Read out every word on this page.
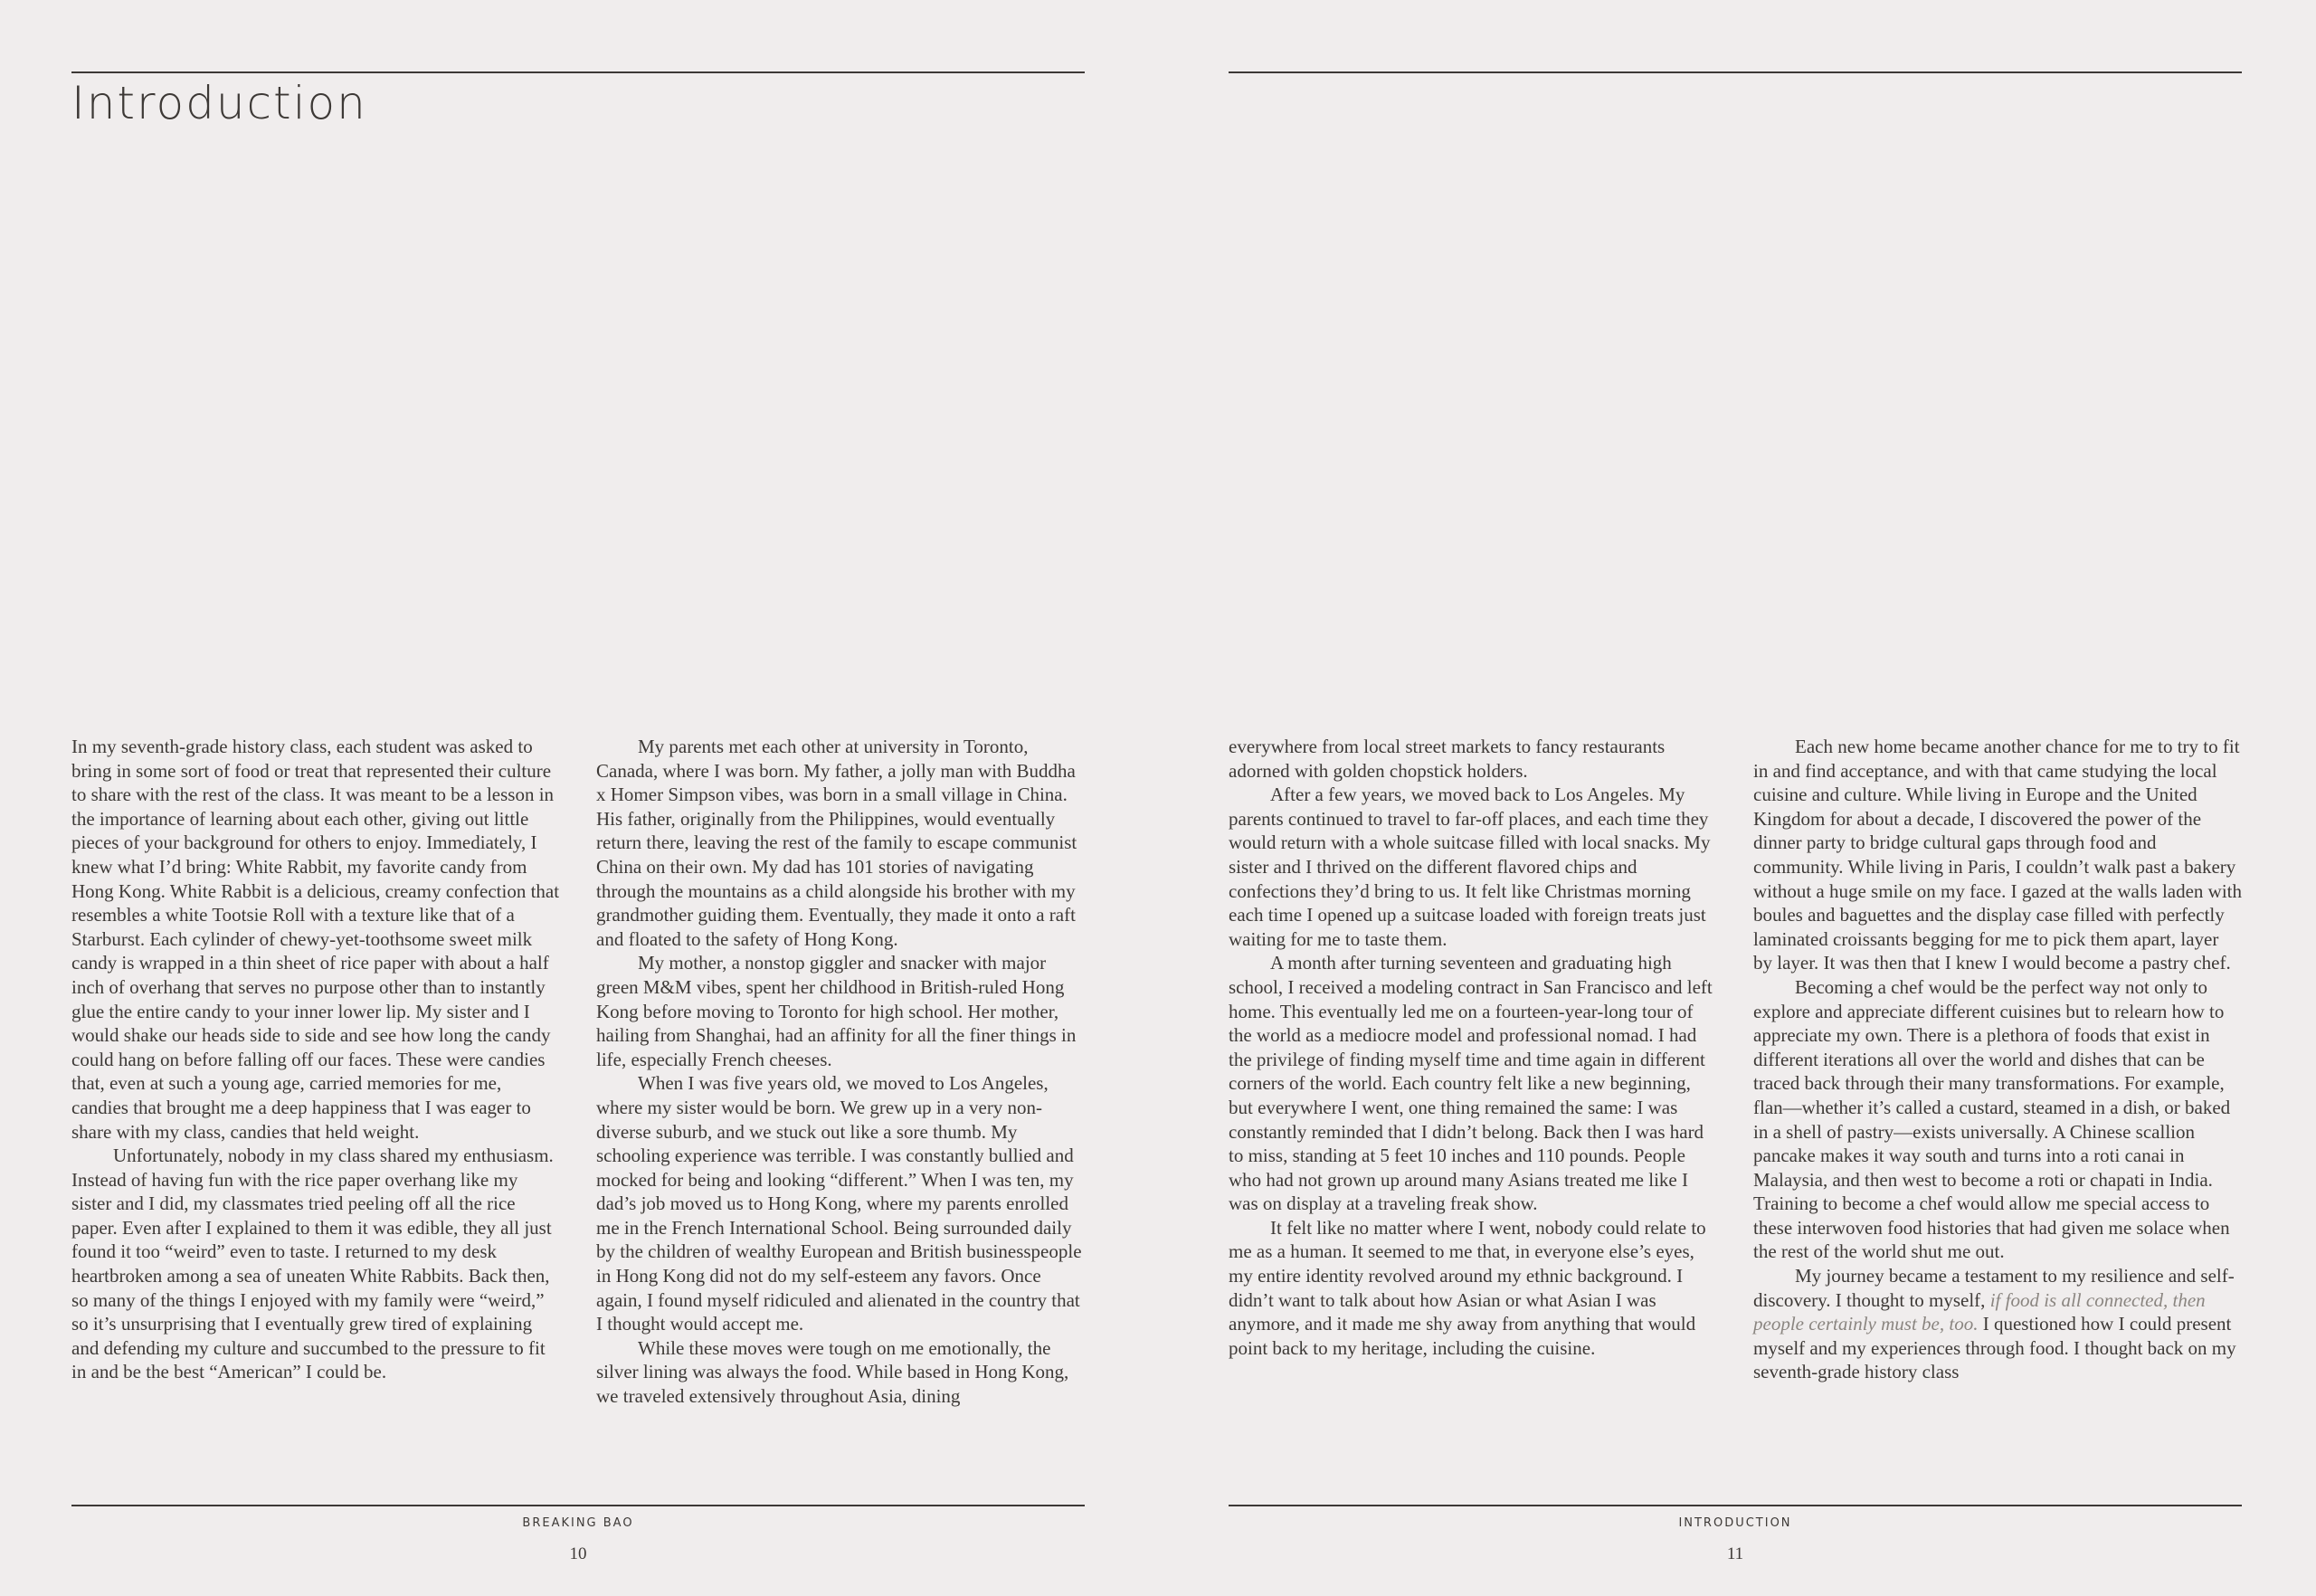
Introduction

In my seventh-grade history class, each student was asked to bring in some sort of food or treat that represented their culture to share with the rest of the class. It was meant to be a lesson in the importance of learning about each other, giving out little pieces of your background for others to enjoy. Immediately, I knew what I’d bring: White Rabbit, my favorite candy from Hong Kong. White Rabbit is a delicious, creamy confection that resembles a white Tootsie Roll with a texture like that of a Starburst. Each cylinder of chewy-yet-toothsome sweet milk candy is wrapped in a thin sheet of rice paper with about a half inch of overhang that serves no purpose other than to instantly glue the entire candy to your inner lower lip. My sister and I would shake our heads side to side and see how long the candy could hang on before falling off our faces. These were candies that, even at such a young age, carried memories for me, candies that brought me a deep happiness that I was eager to share with my class, candies that held weight.

Unfortunately, nobody in my class shared my enthusiasm. Instead of having fun with the rice paper overhang like my sister and I did, my classmates tried peeling off all the rice paper. Even after I explained to them it was edible, they all just found it too “weird” even to taste. I returned to my desk heartbroken among a sea of uneaten White Rabbits. Back then, so many of the things I enjoyed with my family were “weird,” so it’s unsurprising that I eventually grew tired of explaining and defending my culture and succumbed to the pressure to fit in and be the best “American” I could be.

My parents met each other at university in Toronto, Canada, where I was born. My father, a jolly man with Buddha x Homer Simpson vibes, was born in a small village in China. His father, originally from the Philippines, would eventually return there, leaving the rest of the family to escape communist China on their own. My dad has 101 stories of navigating through the mountains as a child alongside his brother with my grandmother guiding them. Eventually, they made it onto a raft and floated to the safety of Hong Kong.

My mother, a nonstop giggler and snacker with major green M&M vibes, spent her childhood in British-ruled Hong Kong before moving to Toronto for high school. Her mother, hailing from Shanghai, had an affinity for all the finer things in life, especially French cheeses.

When I was five years old, we moved to Los Angeles, where my sister would be born. We grew up in a very non-diverse suburb, and we stuck out like a sore thumb. My schooling experience was terrible. I was constantly bullied and mocked for being and looking “different.” When I was ten, my dad’s job moved us to Hong Kong, where my parents enrolled me in the French International School. Being surrounded daily by the children of wealthy European and British businesspeople in Hong Kong did not do my self-esteem any favors. Once again, I found myself ridiculed and alienated in the country that I thought would accept me.

While these moves were tough on me emotionally, the silver lining was always the food. While based in Hong Kong, we traveled extensively throughout Asia, dining

BREAKING BAO
10

everywhere from local street markets to fancy restaurants adorned with golden chopstick holders.

After a few years, we moved back to Los Angeles. My parents continued to travel to far-off places, and each time they would return with a whole suitcase filled with local snacks. My sister and I thrived on the different flavored chips and confections they’d bring to us. It felt like Christmas morning each time I opened up a suitcase loaded with foreign treats just waiting for me to taste them.

A month after turning seventeen and graduating high school, I received a modeling contract in San Francisco and left home. This eventually led me on a fourteen-year-long tour of the world as a mediocre model and professional nomad. I had the privilege of finding myself time and time again in different corners of the world. Each country felt like a new beginning, but everywhere I went, one thing remained the same: I was constantly reminded that I didn’t belong. Back then I was hard to miss, standing at 5 feet 10 inches and 110 pounds. People who had not grown up around many Asians treated me like I was on display at a traveling freak show.

It felt like no matter where I went, nobody could relate to me as a human. It seemed to me that, in everyone else’s eyes, my entire identity revolved around my ethnic background. I didn’t want to talk about how Asian or what Asian I was anymore, and it made me shy away from anything that would point back to my heritage, including the cuisine.

Each new home became another chance for me to try to fit in and find acceptance, and with that came studying the local cuisine and culture. While living in Europe and the United Kingdom for about a decade, I discovered the power of the dinner party to bridge cultural gaps through food and community. While living in Paris, I couldn’t walk past a bakery without a huge smile on my face. I gazed at the walls laden with boules and baguettes and the display case filled with perfectly laminated croissants begging for me to pick them apart, layer by layer. It was then that I knew I would become a pastry chef.

Becoming a chef would be the perfect way not only to explore and appreciate different cuisines but to relearn how to appreciate my own. There is a plethora of foods that exist in different iterations all over the world and dishes that can be traced back through their many transformations. For example, flan—whether it’s called a custard, steamed in a dish, or baked in a shell of pastry—exists universally. A Chinese scallion pancake makes it way south and turns into a roti canai in Malaysia, and then west to become a roti or chapati in India. Training to become a chef would allow me special access to these interwoven food histories that had given me solace when the rest of the world shut me out.

My journey became a testament to my resilience and self-discovery. I thought to myself, if food is all connected, then people certainly must be, too. I questioned how I could present myself and my experiences through food. I thought back on my seventh-grade history class

INTRODUCTION
11
